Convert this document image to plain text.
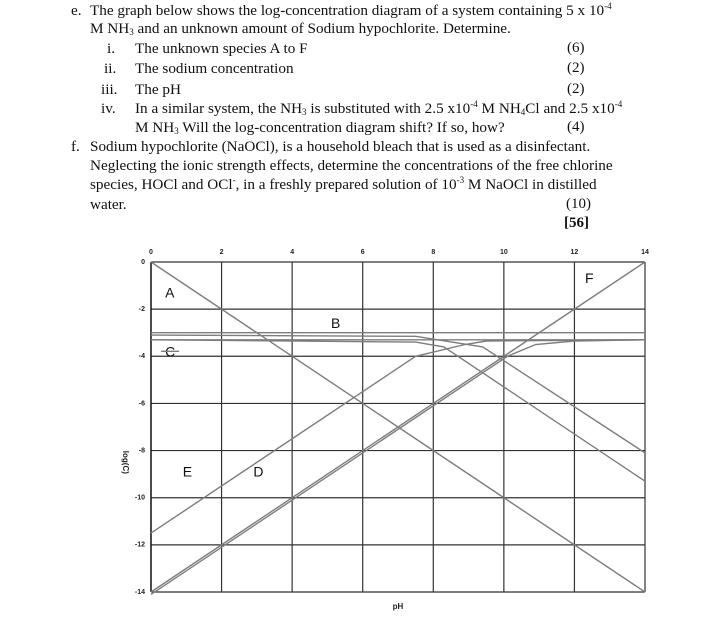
e. The graph below shows the log-concentration diagram of a system containing 5 x $10^{-4}$
M $NH_3$ and an unknown amount of Sodium hypochlorite. Determine.
i. The unknown species A to F	(6)
ii. The sodium concentration	(2)
iii. The pH	(2)
iv. In a similar system, the $NH_3$ is substituted with 2.5 $x10^{-4}$ M $NH_4Cl$ and 2.5 $x10^{-4}$
M $NH_3$ Will the log-concentration diagram shift? If so, how?	(4)
f. Sodium hypochlorite (NaOCl), is a household bleach that is used as a disinfectant.
Neglecting the ionic strength effects, determine the concentrations of the free chlorine
species, HOCl and OCl-, in a freshly prepared solution of $10^{-3}$ M NaOCl in distilled
water.	(10)
[56]
0	2	4	6	8	10	12	14
0
-2
-4
-6
-8
-10
-12
-14
A
B
C
E	D
F
pH
log(C)
